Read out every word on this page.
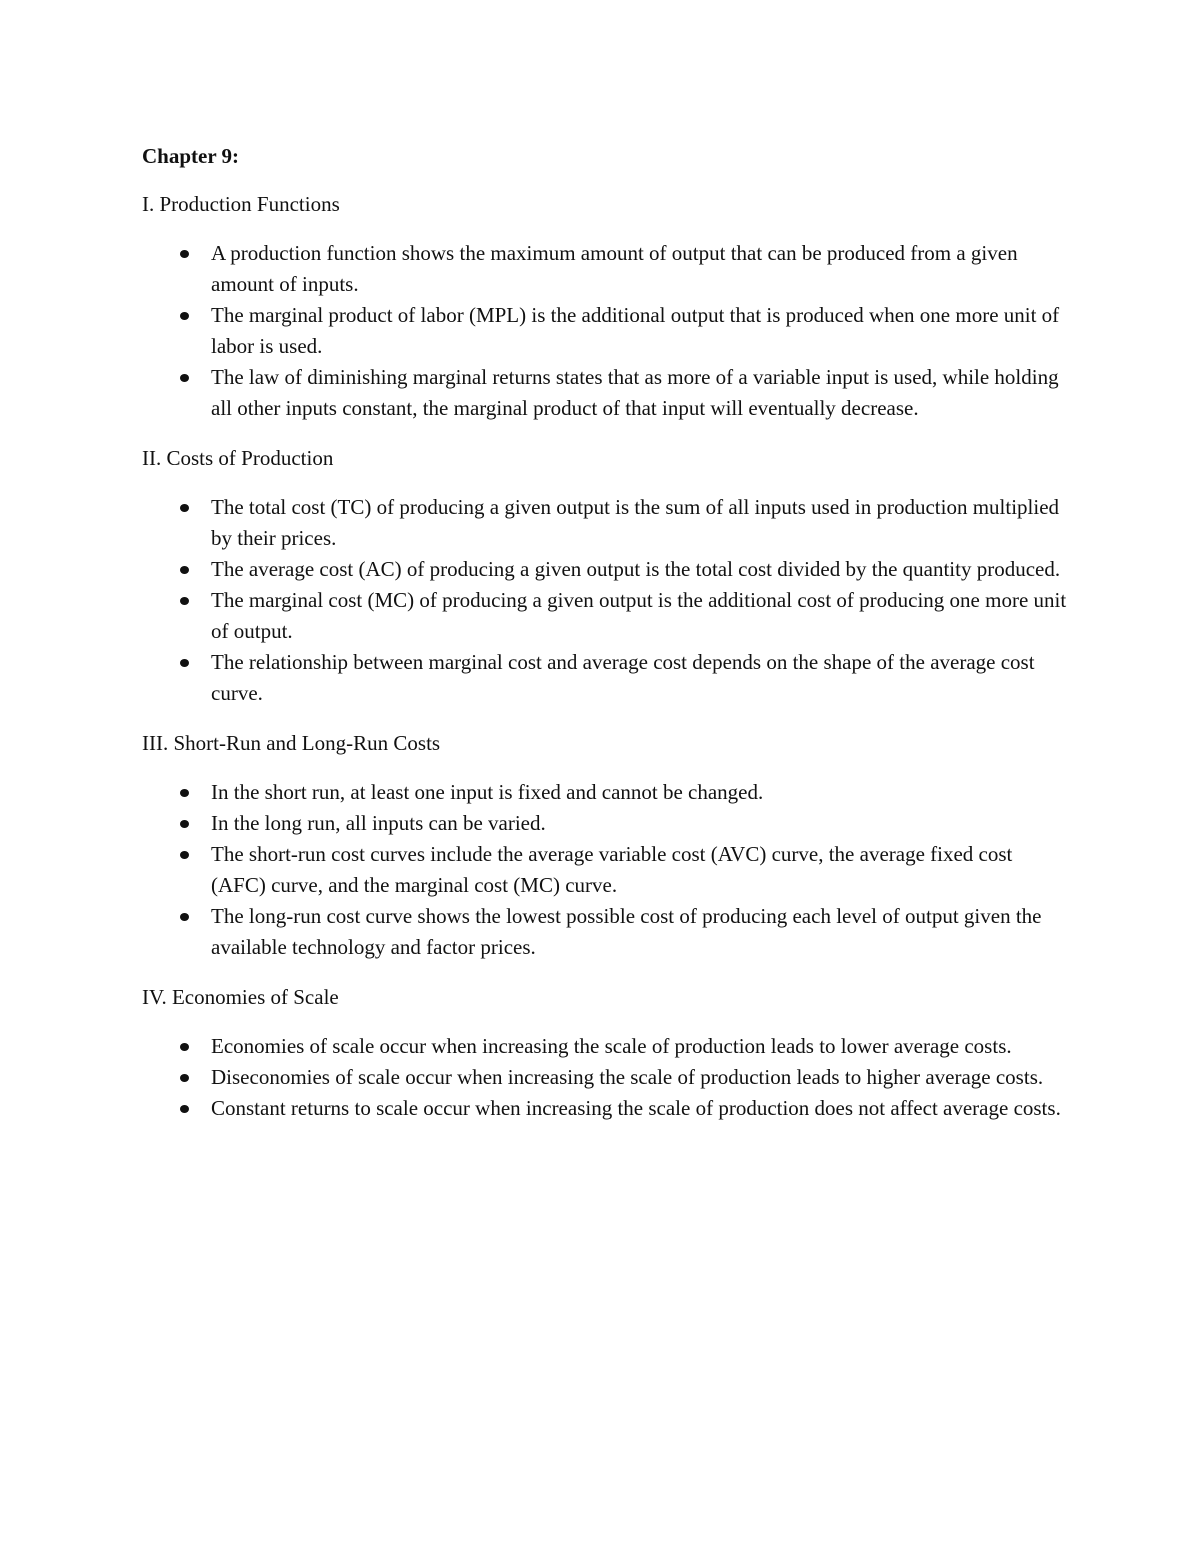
Chapter 9:
I. Production Functions
A production function shows the maximum amount of output that can be produced from a given amount of inputs.
The marginal product of labor (MPL) is the additional output that is produced when one more unit of labor is used.
The law of diminishing marginal returns states that as more of a variable input is used, while holding all other inputs constant, the marginal product of that input will eventually decrease.
II. Costs of Production
The total cost (TC) of producing a given output is the sum of all inputs used in production multiplied by their prices.
The average cost (AC) of producing a given output is the total cost divided by the quantity produced.
The marginal cost (MC) of producing a given output is the additional cost of producing one more unit of output.
The relationship between marginal cost and average cost depends on the shape of the average cost curve.
III. Short-Run and Long-Run Costs
In the short run, at least one input is fixed and cannot be changed.
In the long run, all inputs can be varied.
The short-run cost curves include the average variable cost (AVC) curve, the average fixed cost (AFC) curve, and the marginal cost (MC) curve.
The long-run cost curve shows the lowest possible cost of producing each level of output given the available technology and factor prices.
IV. Economies of Scale
Economies of scale occur when increasing the scale of production leads to lower average costs.
Diseconomies of scale occur when increasing the scale of production leads to higher average costs.
Constant returns to scale occur when increasing the scale of production does not affect average costs.
